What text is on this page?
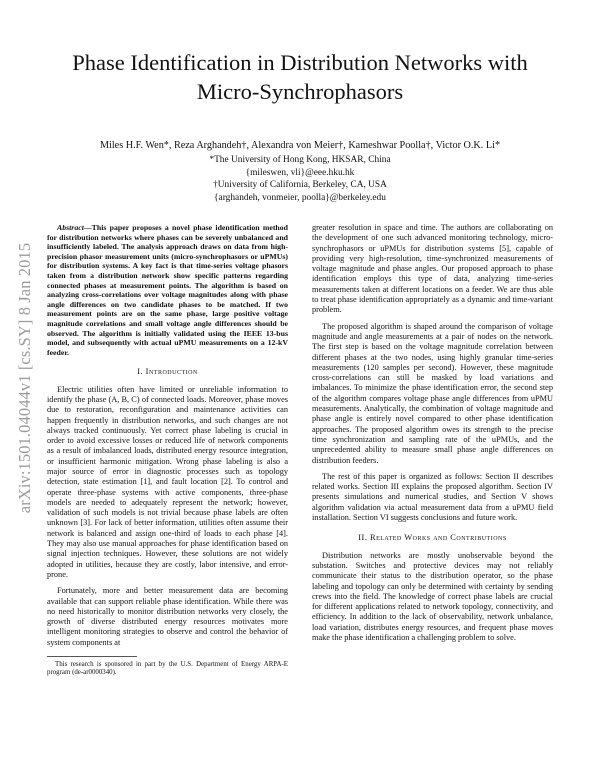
arXiv:1501.04044v1 [cs.SY] 8 Jan 2015
Phase Identification in Distribution Networks with
Micro-Synchrophasors
Miles H.F. Wen*, Reza Arghandeh†, Alexandra von Meier†, Kameshwar Poolla†, Victor O.K. Li*
*The University of Hong Kong, HKSAR, China
{mileswen, vli}@eee.hku.hk
†University of California, Berkeley, CA, USA
{arghandeh, vonmeier, poolla}@berkeley.edu

Abstract—This paper proposes a novel phase identification method for distribution networks where phases can be severely unbalanced and insufficiently labeled. The analysis approach draws on data from high-precision phasor measurement units (micro-synchrophasors or uPMUs) for distribution systems. A key fact is that time-series voltage phasors taken from a distribution network show specific patterns regarding connected phases at measurement points. The algorithm is based on analyzing cross-correlations over voltage magnitudes along with phase angle differences on two candidate phases to be matched. If two measurement points are on the same phase, large positive voltage magnitude correlations and small voltage angle differences should be observed. The algorithm is initially validated using the IEEE 13-bus model, and subsequently with actual uPMU measurements on a 12-kV feeder.

I. Introduction

Electric utilities often have limited or unreliable information to identify the phase (A, B, C) of connected loads. Moreover, phase moves due to restoration, reconfiguration and maintenance activities can happen frequently in distribution networks, and such changes are not always tracked continuously. Yet correct phase labeling is crucial in order to avoid excessive losses or reduced life of network components as a result of imbalanced loads, distributed energy resource integration, or insufficient harmonic mitigation. Wrong phase labeling is also a major source of error in diagnostic processes such as topology detection, state estimation [1], and fault location [2]. To control and operate three-phase systems with active components, three-phase models are needed to adequately represent the network; however, validation of such models is not trivial because phase labels are often unknown [3]. For lack of better information, utilities often assume their network is balanced and assign one-third of loads to each phase [4]. They may also use manual approaches for phase identification based on signal injection techniques. However, these solutions are not widely adopted in utilities, because they are costly, labor intensive, and error-prone.

Fortunately, more and better measurement data are becoming available that can support reliable phase identification. While there was no need historically to monitor distribution networks very closely, the growth of diverse distributed energy resources motivates more intelligent monitoring strategies to observe and control the behavior of system components at

This research is sponsored in part by the U.S. Department of Energy ARPA-E program (de-ar0000340).

greater resolution in space and time. The authors are collaborating on the development of one such advanced monitoring technology, micro-synchrophasors or uPMUs for distribution systems [5], capable of providing very high-resolution, time-synchronized measurements of voltage magnitude and phase angles. Our proposed approach to phase identification employs this type of data, analyzing time-series measurements taken at different locations on a feeder. We are thus able to treat phase identification appropriately as a dynamic and time-variant problem.

The proposed algorithm is shaped around the comparison of voltage magnitude and angle measurements at a pair of nodes on the network. The first step is based on the voltage magnitude correlation between different phases at the two nodes, using highly granular time-series measurements (120 samples per second). However, these magnitude cross-correlations can still be masked by load variations and imbalances. To minimize the phase identification error, the second step of the algorithm compares voltage phase angle differences from uPMU measurements. Analytically, the combination of voltage magnitude and phase angle is entirely novel compared to other phase identification approaches. The proposed algorithm owes its strength to the precise time synchronization and sampling rate of the uPMUs, and the unprecedented ability to measure small phase angle differences on distribution feeders.

The rest of this paper is organized as follows: Section II describes related works. Section III explains the proposed algorithm. Section IV presents simulations and numerical studies, and Section V shows algorithm validation via actual measurement data from a uPMU field installation. Section VI suggests conclusions and future work.

II. Related Works and Contributions

Distribution networks are mostly unobservable beyond the substation. Switches and protective devices may not reliably communicate their status to the distribution operator, so the phase labeling and topology can only be determined with certainty by sending crews into the field. The knowledge of correct phase labels are crucial for different applications related to network topology, connectivity, and efficiency. In addition to the lack of observability, network unbalance, load variation, distributes energy resources, and frequent phase moves make the phase identification a challenging problem to solve.
